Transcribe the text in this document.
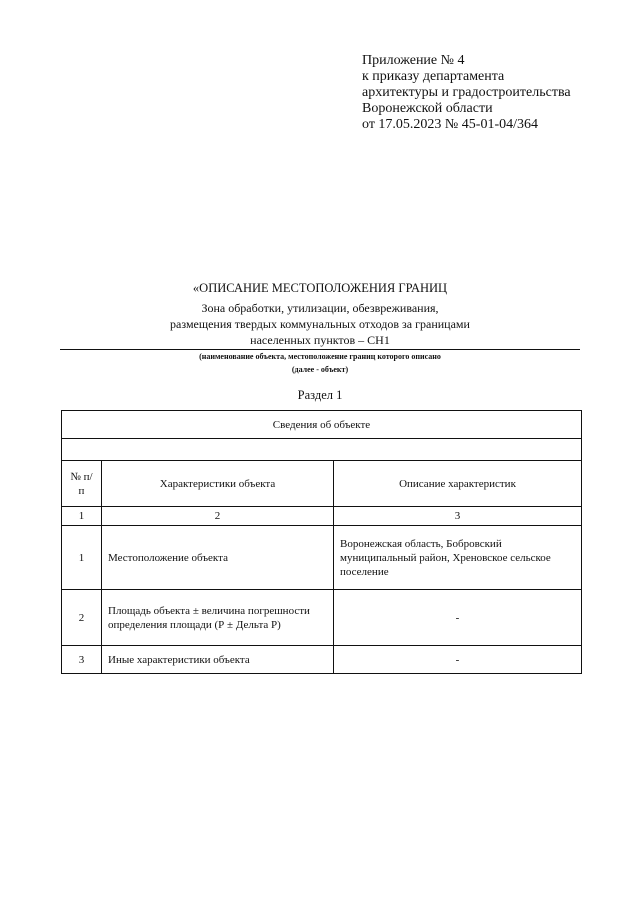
Приложение № 4
к приказу департамента
архитектуры и градостроительства
Воронежской области
от 17.05.2023 № 45-01-04/364
«ОПИСАНИЕ МЕСТОПОЛОЖЕНИЯ ГРАНИЦ
Зона обработки, утилизации, обезвреживания,
размещения твердых коммунальных отходов за границами
населенных пунктов – СН1
(наименование объекта, местоположение границ которого описано
(далее - объект)
Раздел 1
Сведения об объекте		

№ п/п	Характеристики объекта	Описание характеристик
1	2	3
1	Местоположение объекта	Воронежская область, Бобровский муниципальный район, Хреновское сельское поселение
2	Площадь объекта ± величина погрешности определения площади (Р ± Дельта Р)	-
3	Иные характеристики объекта	-
